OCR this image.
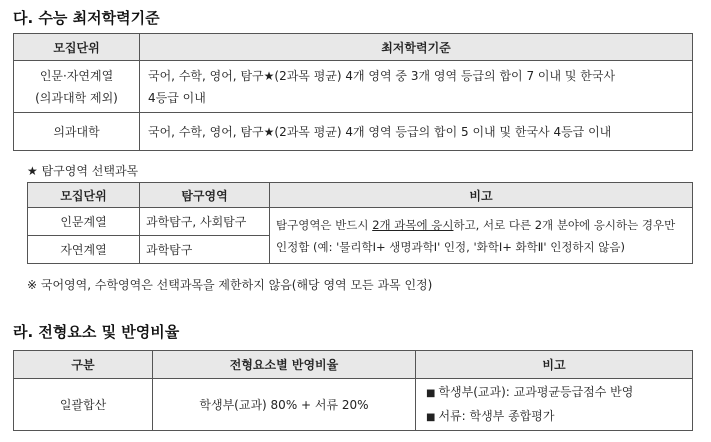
다. 수능 최저학력기준
모집단위	최저학력기준

인문·자연계열
(의과대학 제외)	국어, 수학, 영어, 탐구★(2과목 평균) 4개 영역 중 3개 영역 등급의 합이 7 이내 및 한국사
4등급 이내

의과대학	국어, 수학, 영어, 탐구★(2과목 평균) 4개 영역 등급의 합이 5 이내 및 한국사 4등급 이내
★ 탐구영역 선택과목
모집단위	탐구영역	비고
인문계열	과학탐구, 사회탐구	탐구영역은 반드시 2개 과목에 응시하고, 서로 다른 2개 분야에 응시하는 경우만
인정함 (예: '물리학Ⅰ+ 생명과학Ⅰ' 인정, '화학Ⅰ+ 화학Ⅱ' 인정하지 않음)

자연계열	과학탐구	
※ 국어영역, 수학영역은 선택과목을 제한하지 않음(해당 영역 모든 과목 인정)
라. 전형요소 및 반영비율
구분	전형요소별 반영비율	비고
일괄합산	학생부(교과) 80% + 서류 20%	■ 학생부(교과): 교과평균등급점수 반영
■ 서류: 학생부 종합평가
